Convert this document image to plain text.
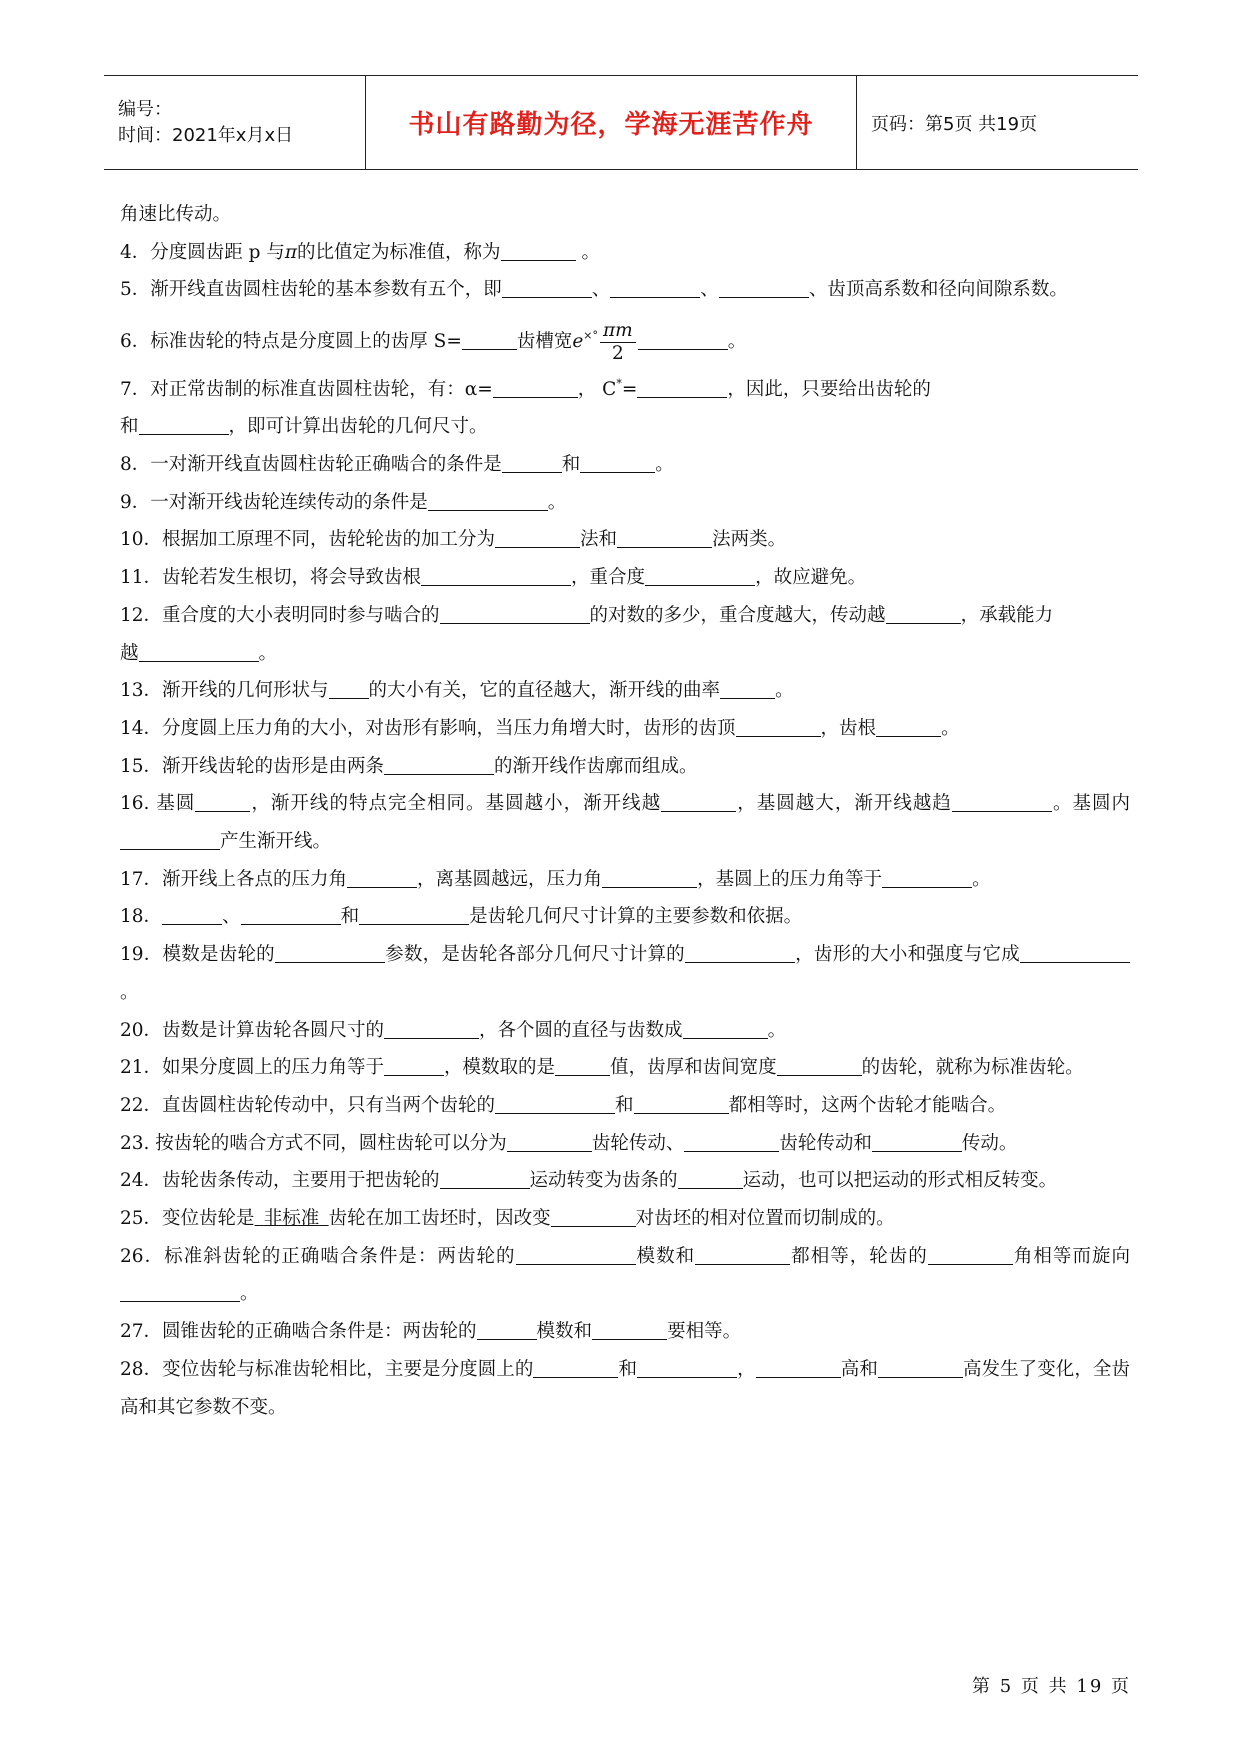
编号：
时间：2021年x月x日	书山有路勤为径，学海无涯苦作舟	页码：第5页 共19页

角速比传动。

4．分度圆齿距 p 与π的比值定为标准值，称为	。

5．渐开线直齿圆柱齿轮的基本参数有五个，即	、	、	、齿顶高系数和径向间隙系数。

6．标准齿轮的特点是分度圆上的齿厚 S=	齿槽宽$e^{\times^\circ} \frac{\pi m}{2}$	。

7．对正常齿制的标准直齿圆柱齿轮，有：α=	， C*=	，因此，只要给出齿轮的
和	，即可计算出齿轮的几何尺寸。

8．一对渐开线直齿圆柱齿轮正确啮合的条件是	和	。

9．一对渐开线齿轮连续传动的条件是	。

10．根据加工原理不同，齿轮轮齿的加工分为	法和	法两类。

11．齿轮若发生根切，将会导致齿根	，重合度	，故应避免。

12．重合度的大小表明同时参与啮合的	的对数的多少，重合度越大，传动越	，承载能力
越	。

13．渐开线的几何形状与 的大小有关，它的直径越大，渐开线的曲率	。

14．分度圆上压力角的大小，对齿形有影响，当压力角增大时，齿形的齿顶	，齿根	。

15．渐开线齿轮的齿形是由两条	的渐开线作齿廓而组成。

16. 基圆	，渐开线的特点完全相同。基圆越小，渐开线越	，基圆越大，渐开线越趋	。基圆内产生渐开线。

17．渐开线上各点的压力角	，离基圆越远，压力角	，基圆上的压力角等于	。

18．	、	和	是齿轮几何尺寸计算的主要参数和依据。

19．模数是齿轮的	参数，是齿轮各部分几何尺寸计算的	，齿形的大小和强度与它成。

20．齿数是计算齿轮各圆尺寸的	，各个圆的直径与齿数成	。

21．如果分度圆上的压力角等于	，模数取的是	值，齿厚和齿间宽度	的齿轮，就称为标准齿轮。

22．直齿圆柱齿轮传动中，只有当两个齿轮的	和	都相等时，这两个齿轮才能啮合。

23. 按齿轮的啮合方式不同，圆柱齿轮可以分为	齿轮传动、	齿轮传动和	传动。

24．齿轮齿条传动，主要用于把齿轮的	运动转变为齿条的	运动，也可以把运动的形式相反转变。

25．变位齿轮是  非标准  齿轮在加工齿坯时，因改变	对齿坯的相对位置而切制成的。

26．标准斜齿轮的正确啮合条件是：两齿轮的	模数和	都相等，轮齿的	角相等而旋向。

27．圆锥齿轮的正确啮合条件是：两齿轮的	模数和	要相等。

28．变位齿轮与标准齿轮相比，主要是分度圆上的	和	，	高和	高发生了变化，全齿高和其它参数不变。

第 5 页 共 19 页
